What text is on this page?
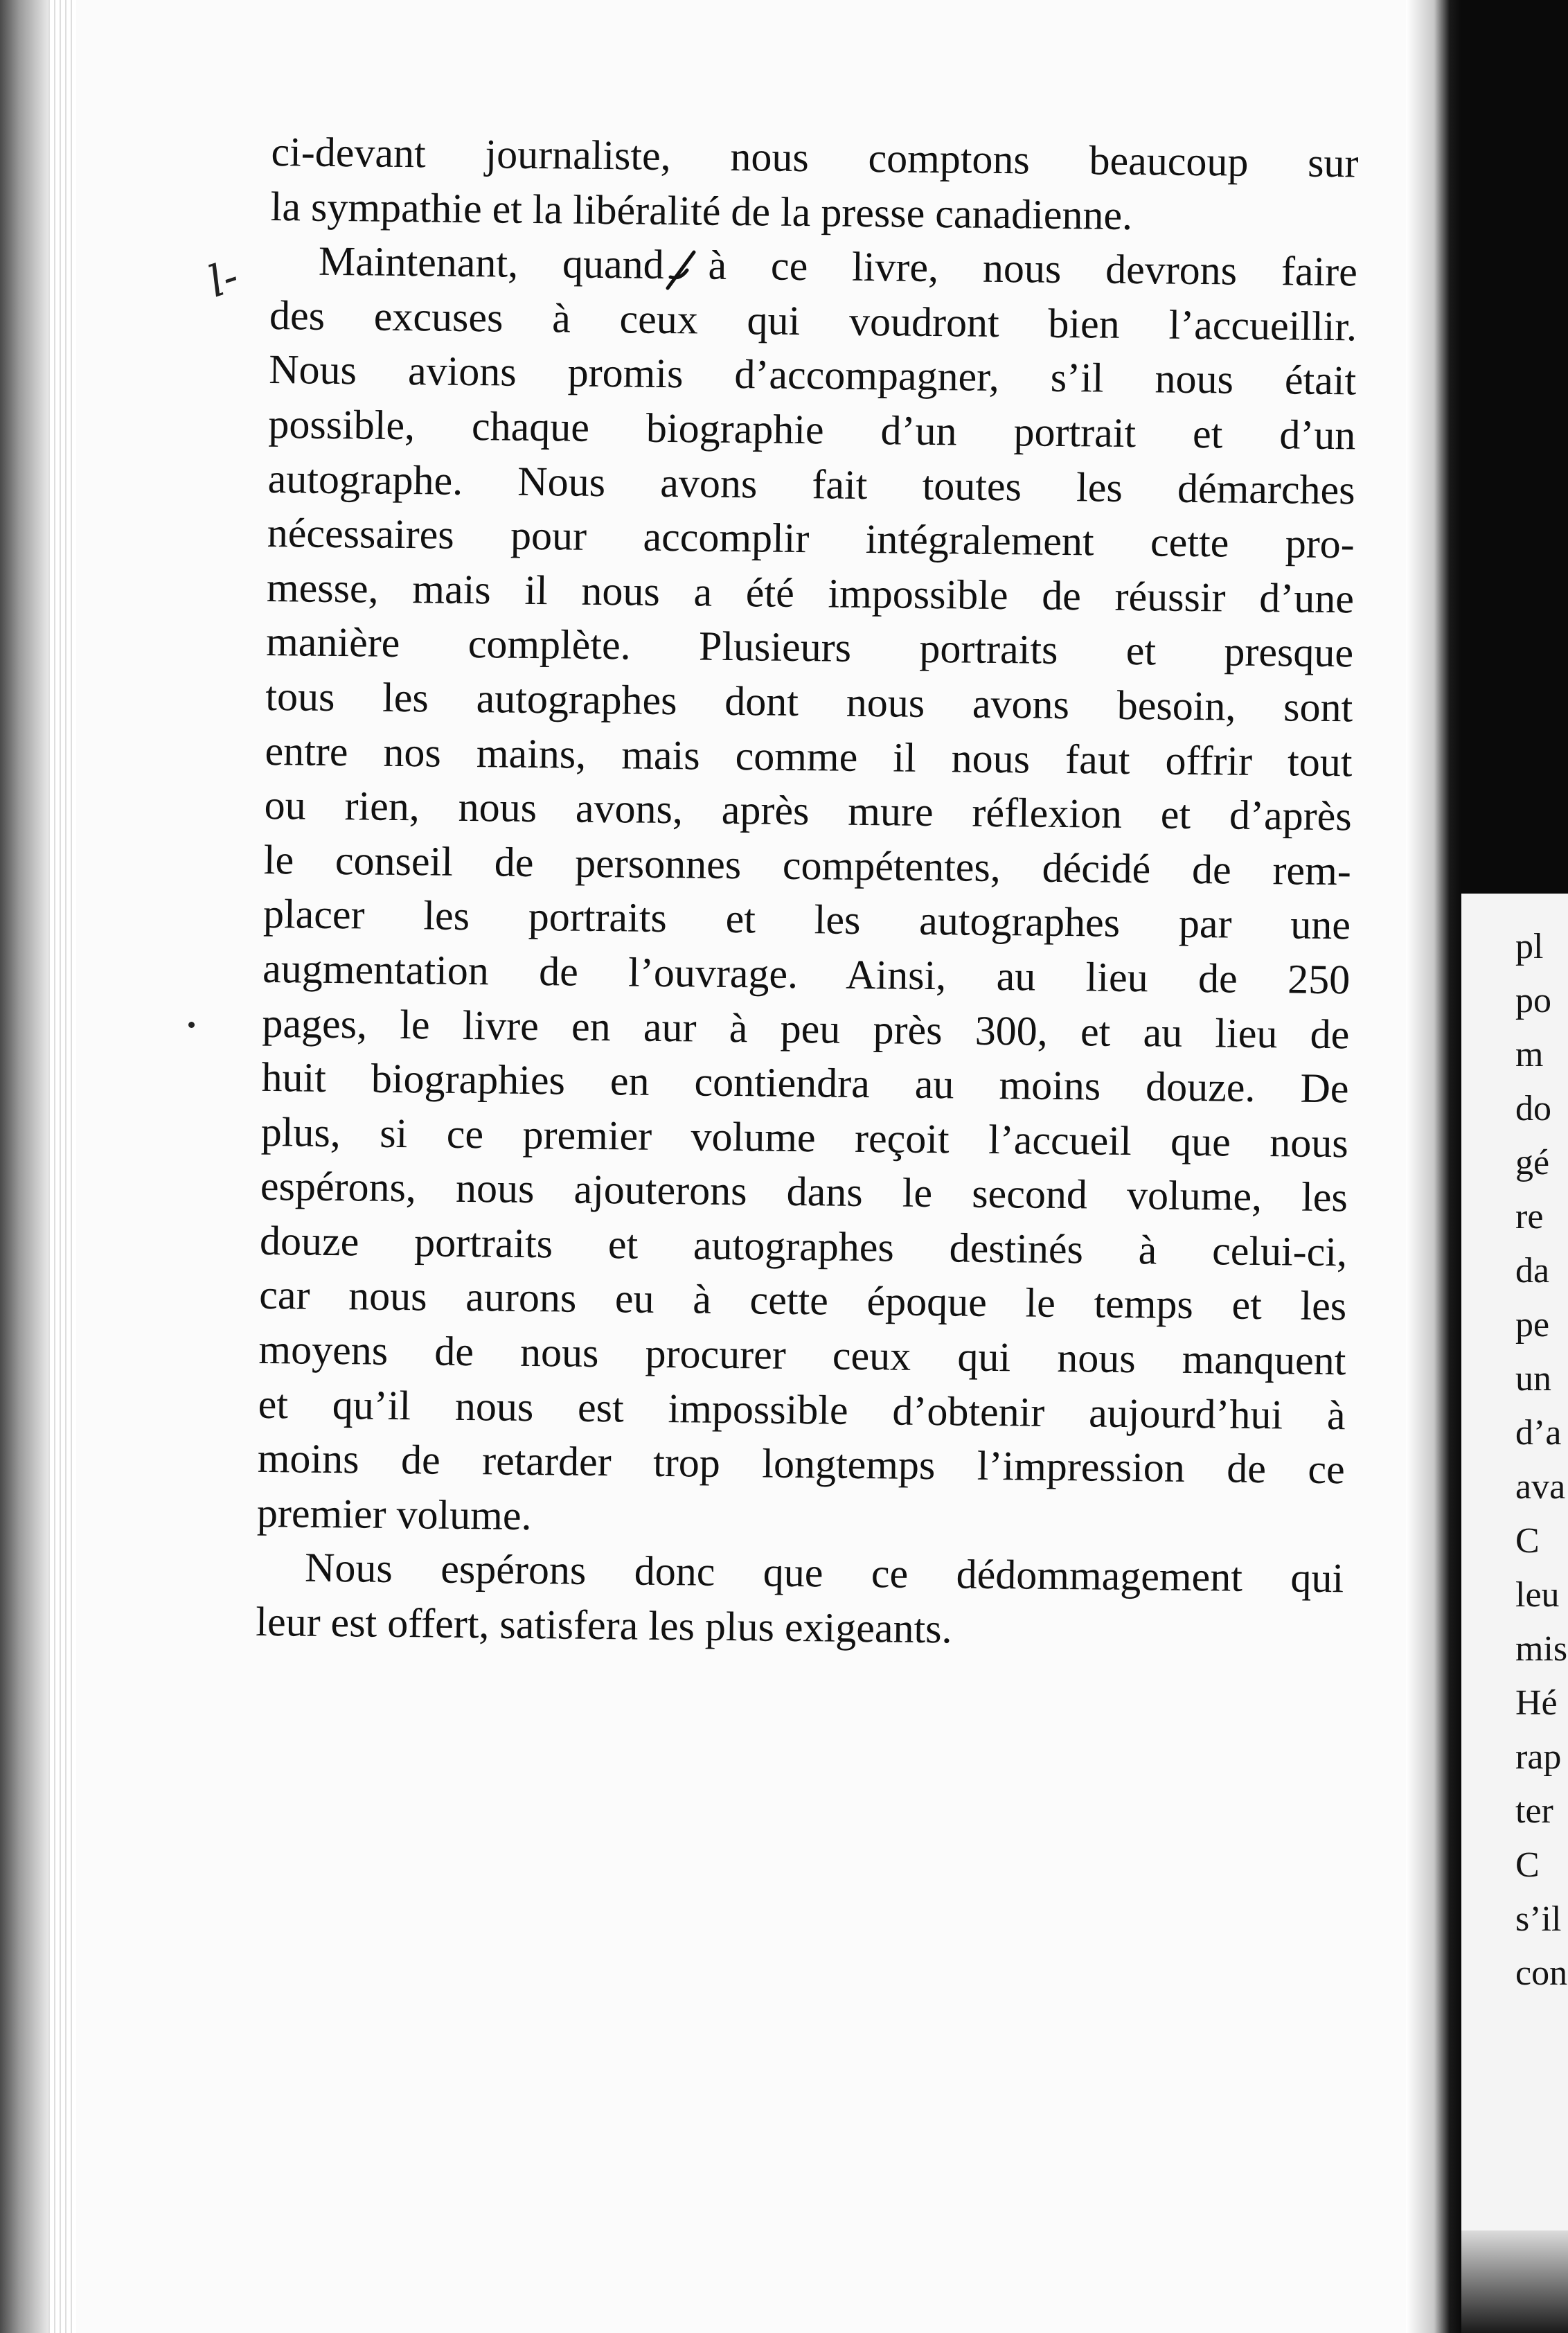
pl
po
m
do
gé
re
da
pe
un
d’a
ava
C
leu
mis
Hé
rap
ter
C
s’il
con
l-
ci-devant journaliste, nous comptons beaucoup sur
la sympathie et la libéralité de la presse canadienne.
Maintenant, quand à ce livre, nous devrons faire
des excuses à ceux qui voudront bien l’accueillir.
Nous avions promis d’accompagner, s’il nous était
possible, chaque biographie d’un portrait et d’un
autographe. Nous avons fait toutes les démarches
nécessaires pour accomplir intégralement cette pro-
messe, mais il nous a été impossible de réussir d’une
manière complète. Plusieurs portraits et presque
tous les autographes dont nous avons besoin, sont
entre nos mains, mais comme il nous faut offrir tout
ou rien, nous avons, après mure réflexion et d’après
le conseil de personnes compétentes, décidé de rem-
placer les portraits et les autographes par une
augmentation de l’ouvrage. Ainsi, au lieu de 250
pages, le livre en aur à peu près 300, et au lieu de
huit biographies en contiendra au moins douze. De
plus, si ce premier volume reçoit l’accueil que nous
espérons, nous ajouterons dans le second volume, les
douze portraits et autographes destinés à celui-ci,
car nous aurons eu à cette époque le temps et les
moyens de nous procurer ceux qui nous manquent
et qu’il nous est impossible d’obtenir aujourd’hui à
moins de retarder trop longtemps l’impression de ce
premier volume.
Nous espérons donc que ce dédommagement qui
leur est offert, satisfera les plus exigeants.
